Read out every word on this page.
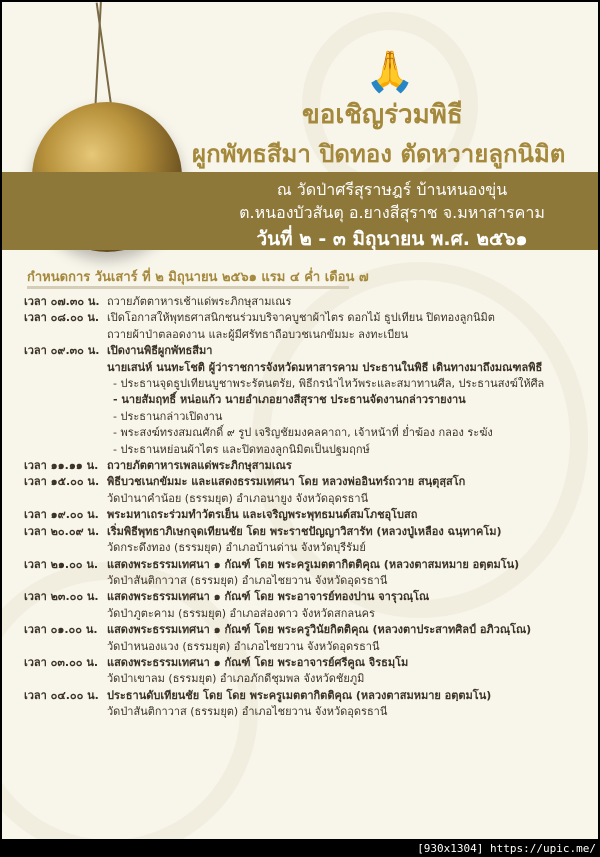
🙏
ขอเชิญร่วมพิธี
ผูกพัทธสีมา ปิดทอง ตัดหวายลูกนิมิต
ณ วัดป่าศรีสุราษฎร์ บ้านหนองขุ่น
ต.หนองบัวสันตุ อ.ยางสีสุราช จ.มหาสารคาม
วันที่ ๒ - ๓ มิถุนายน พ.ศ. ๒๕๖๑
กำหนดการ วันเสาร์ ที่ ๒ มิถุนายน ๒๕๖๑ แรม ๔ ค่ำ เดือน ๗
เวลา ๐๗.๓๐ น. ถวายภัตตาหารเช้าแด่พระภิกษุสามเณร
เวลา ๐๘.๐๐ น. เปิดโอกาสให้พุทธศาสนิกชนร่วมบริจาคบูชาผ้าไตร ดอกไม้ ธูปเทียน ปิดทองลูกนิมิต
ถวายผ้าป่าตลอดงาน และผู้มีศรัทธาถือบวชเนกขัมมะ ลงทะเบียน
เวลา ๐๙.๓๐ น. เปิดงานพิธีผูกพัทธสีมา
นายเสน่ห์ นนทะโชติ ผู้ว่าราชการจังหวัดมหาสารคาม ประธานในพิธี เดินทางมาถึงมณฑลพิธี
- ประธานจุดธูปเทียนบูชาพระรัตนตรัย, พิธีกรนำไหว้พระและสมาทานศีล, ประธานสงฆ์ให้ศีล
- นายสัมฤทธิ์ หน่อแก้ว นายอำเภอยางสีสุราช ประธานจัดงานกล่าวรายงาน
- ประธานกล่าวเปิดงาน
- พระสงฆ์ทรงสมณศักดิ์ ๙ รูป เจริญชัยมงคลคาถา, เจ้าหน้าที่ ย่ำฆ้อง กลอง ระฆัง
- ประธานหย่อนผ้าไตร และปิดทองลูกนิมิตเป็นปฐมฤกษ์
เวลา ๑๑.๑๑ น. ถวายภัตตาหารเพลแด่พระภิกษุสามเณร
เวลา ๑๕.๐๐ น. พิธีบวชเนกขัมมะ และแสดงธรรมเทศนา โดย หลวงพ่ออินทร์ถวาย สนฺตุสฺสโก
วัดป่านาคำน้อย (ธรรมยุต) อำเภอนายูง จังหวัดอุดรธานี
เวลา ๑๙.๐๐ น. พระมหาเถระร่วมทำวัตรเย็น และเจริญพระพุทธมนต์สมโภชอุโบสถ
เวลา ๒๐.๐๙ น. เริ่มพิธีพุทธาภิเษกจุดเทียนชัย โดย พระราชปัญญาวิสารัท (หลวงปู่เหลือง ฉนฺทาคโม)
วัดกระดึงทอง (ธรรมยุต) อำเภอบ้านด่าน จังหวัดบุรีรัมย์
เวลา ๒๑.๐๐ น. แสดงพระธรรมเทศนา ๑ กัณฑ์ โดย พระครูเมตตากิตติคุณ (หลวงตาสมหมาย อตฺตมโน)
วัดป่าสันติกาวาส (ธรรมยุต) อำเภอไชยวาน จังหวัดอุดรธานี
เวลา ๒๓.๐๐ น. แสดงพระธรรมเทศนา ๑ กัณฑ์ โดย พระอาจารย์ทองปาน จารุวณฺโณ
วัดป่าภูตะคาม (ธรรมยุต) อำเภอส่องดาว จังหวัดสกลนคร
เวลา ๐๑.๐๐ น. แสดงพระธรรมเทศนา ๑ กัณฑ์ โดย พระครูวินัยกิตติคุณ (หลวงตาประสาทศิลป์ อภิวณฺโณ)
วัดป่าหนองแวง (ธรรมยุต) อำเภอไชยวาน จังหวัดอุดรธานี
เวลา ๐๓.๐๐ น. แสดงพระธรรมเทศนา ๑ กัณฑ์ โดย พระอาจารย์ศรีคูณ จิรธมฺโม
วัดป่าเขาลม (ธรรมยุต) อำเภอภักดีชุมพล จังหวัดชัยภูมิ
เวลา ๐๔.๐๐ น. ประธานดับเทียนชัย โดย โดย พระครูเมตตากิตติคุณ (หลวงตาสมหมาย อตฺตมโน)
วัดป่าสันติกาวาส (ธรรมยุต) อำเภอไชยวาน จังหวัดอุดรธานี
[930x1304] https://upic.me/
